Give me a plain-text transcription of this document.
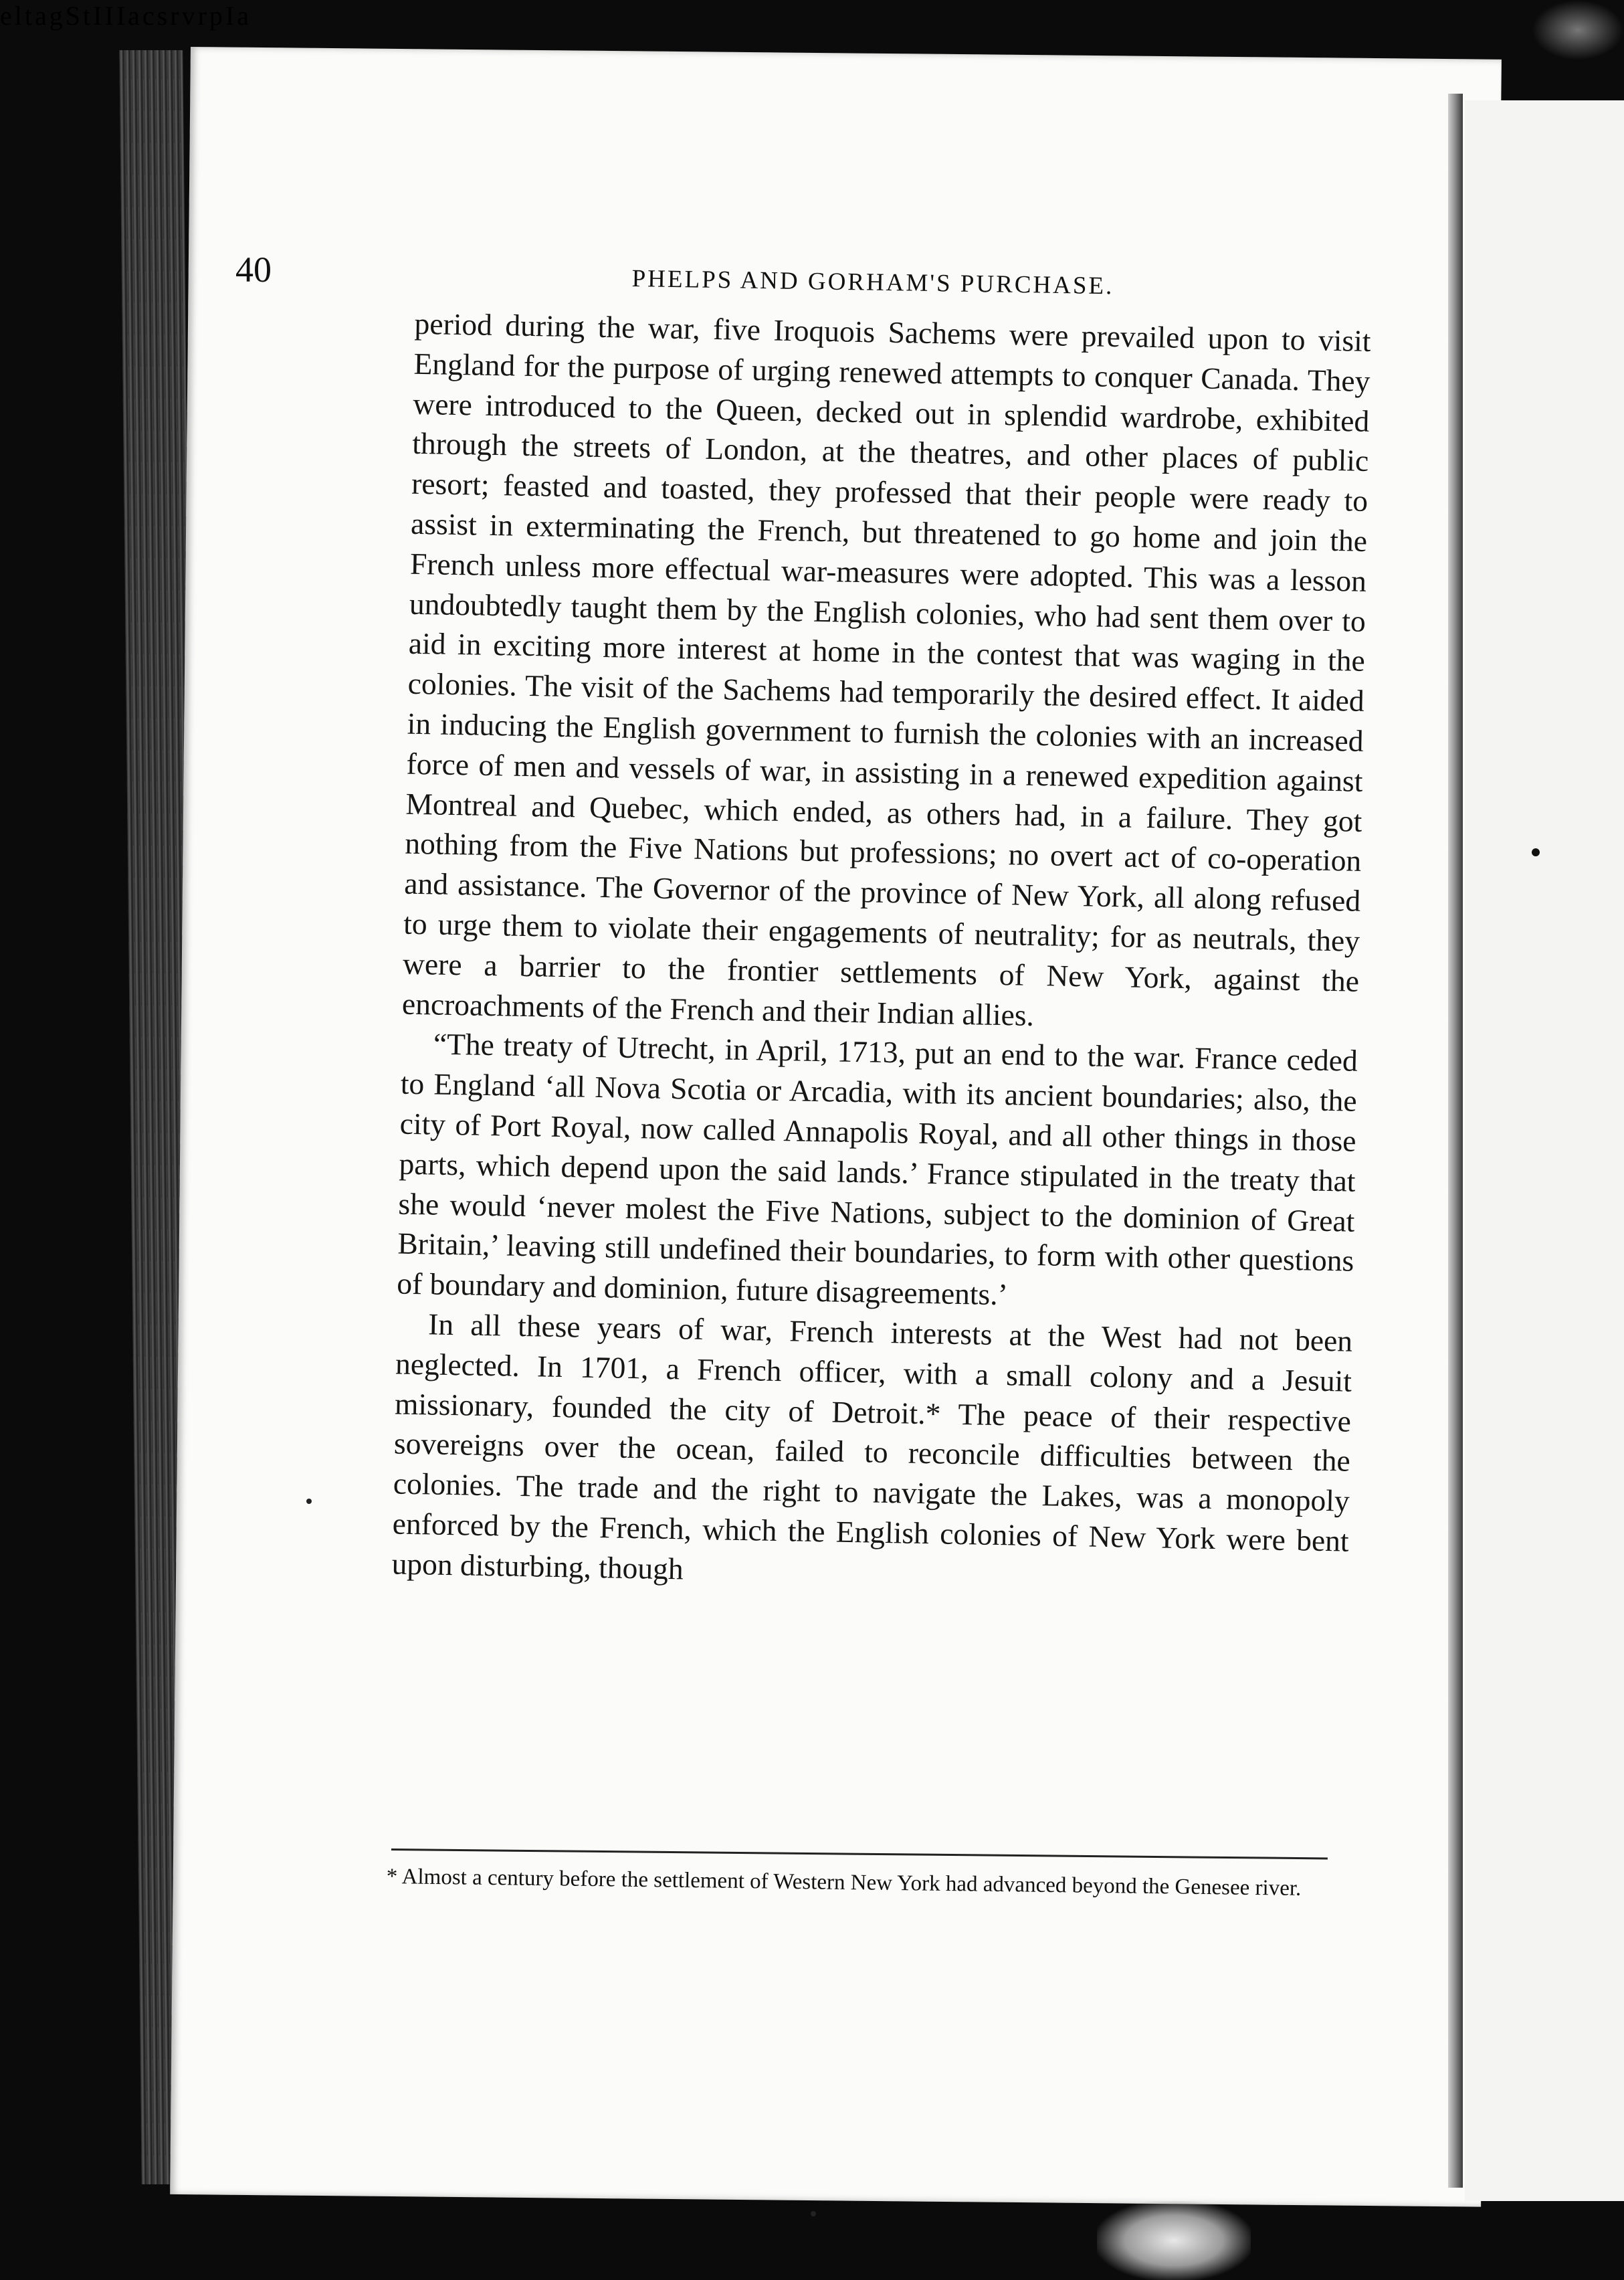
e l t a g S t I I I a c s r v r p I a
40	PHELPS AND GORHAM'S PURCHASE.

period during the war, five Iroquois Sachems were prevailed upon to visit England for the purpose of urging renewed attempts to conquer Canada. They were introduced to the Queen, decked out in splendid wardrobe, exhibited through the streets of London, at the theatres, and other places of public resort; feasted and toasted, they professed that their people were ready to assist in exterminating the French, but threatened to go home and join the French unless more effectual war-measures were adopted. This was a lesson undoubtedly taught them by the English colonies, who had sent them over to aid in exciting more interest at home in the contest that was waging in the colonies. The visit of the Sachems had temporarily the desired effect. It aided in inducing the English government to furnish the colonies with an increased force of men and vessels of war, in assisting in a renewed expedition against Montreal and Quebec, which ended, as others had, in a failure. They got nothing from the Five Nations but professions; no overt act of co-operation and assistance. The Governor of the province of New York, all along refused to urge them to violate their engagements of neutrality; for as neutrals, they were a barrier to the frontier settlements of New York, against the encroachments of the French and their Indian allies.

“The treaty of Utrecht, in April, 1713, put an end to the war. France ceded to England ‘all Nova Scotia or Arcadia, with its ancient boundaries; also, the city of Port Royal, now called Annapolis Royal, and all other things in those parts, which depend upon the said lands.’ France stipulated in the treaty that she would ‘never molest the Five Nations, subject to the dominion of Great Britain,’ leaving still undefined their boundaries, to form with other questions of boundary and dominion, future disagreements.’

In all these years of war, French interests at the West had not been neglected. In 1701, a French officer, with a small colony and a Jesuit missionary, founded the city of Detroit.* The peace of their respective sovereigns over the ocean, failed to reconcile difficulties between the colonies. The trade and the right to navigate the Lakes, was a monopoly enforced by the French, which the English colonies of New York were bent upon disturbing, though

* Almost a century before the settlement of Western New York had advanced beyond the Genesee river.
